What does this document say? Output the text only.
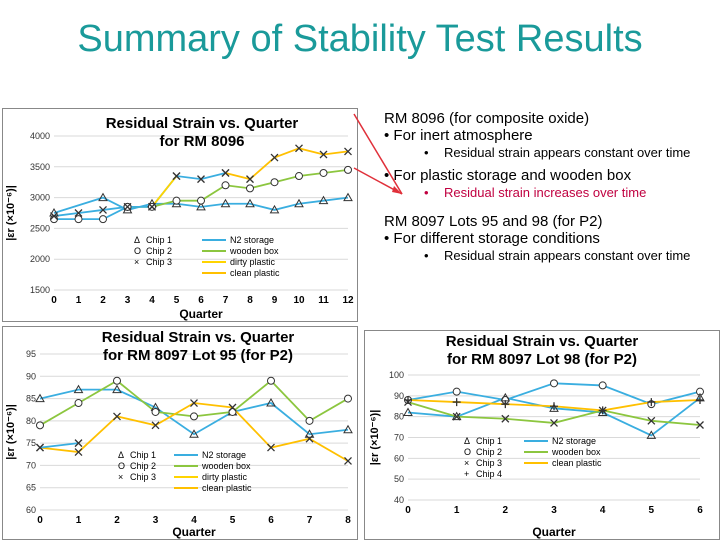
Summary of Stability Test Results
1500
2000
2500
3000
3500
4000
0 1 2 3 4 5 6 7 8 9 10 11 12
Quarter
|εr (×10⁻⁶)|
Residual Strain vs. Quarter
for RM 8096
Δ Chip 1
O Chip 2
× Chip 3
N2 storage
wooden box
dirty plastic
clean plastic
60
65
70
75
80
85
90
95
0	1	2	3	4	5	6	7	8
Quarter
|εr (×10⁻⁶)|
Residual Strain vs. Quarter
for RM 8097 Lot 95 (for P2)
Δ Chip 1
O Chip 2
× Chip 3
N2 storage
wooden box
dirty plastic
clean plastic
40
50
60
70
80
90
100
0	1	2	3	4	5	6
Quarter
|εr (×10⁻⁶)|
Residual Strain vs. Quarter
for RM 8097 Lot 98 (for P2)
Δ Chip 1
O Chip 2
× Chip 3
+ Chip 4
N2 storage
wooden box
clean plastic

RM 8096 (for composite oxide)

• For inert atmosphere

• Residual strain appears constant over time

• For plastic storage and wooden box

• Residual strain increases over time

RM 8097 Lots 95 and 98 (for P2)

• For different storage conditions

• Residual strain appears constant over time
